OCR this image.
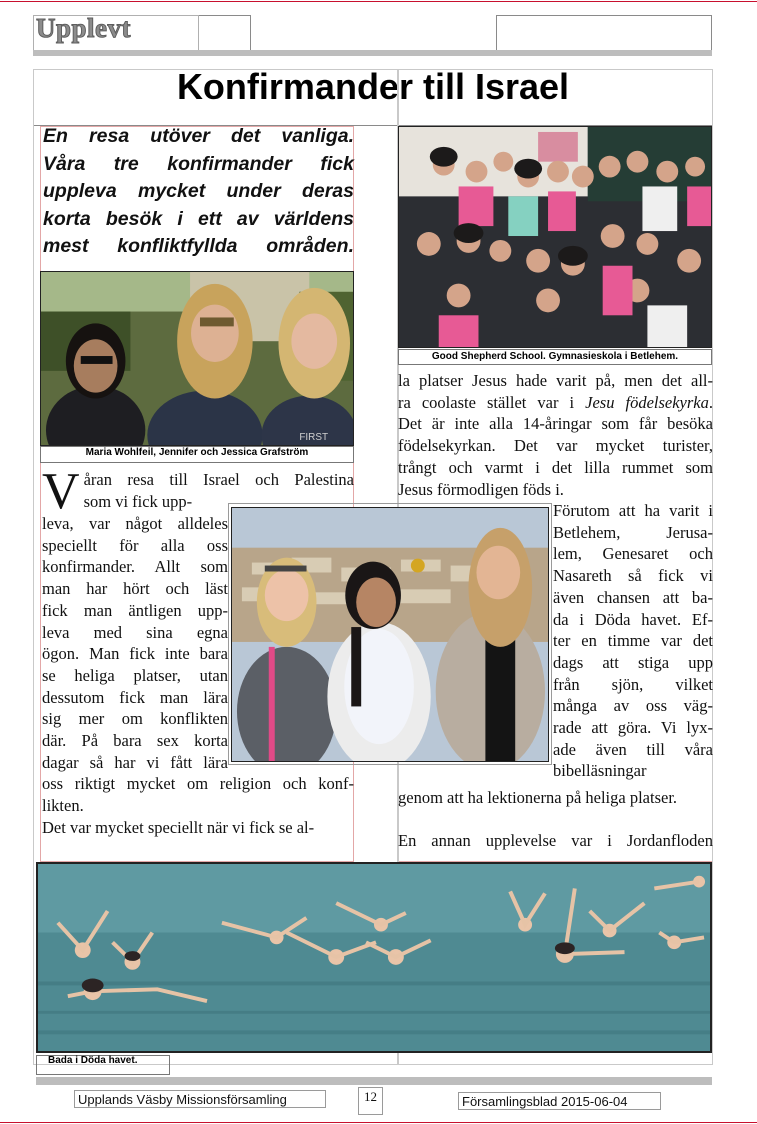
Upplevt
Konfirmander till Israel
En resa utöver det vanliga.
Våra tre konfirmander fick
uppleva mycket under deras
korta besök i ett av världens
mest konfliktfyllda områden.
FIRST
Maria Wohlfeil, Jennifer och Jessica Grafström
Good Shepherd School. Gymnasieskola i Betlehem.
V åran resa till Israel och Palestina
som vi fick upp-
leva, var något alldeles
speciellt för alla oss
konfirmander. Allt som
man har hört och läst
fick man äntligen upp-
leva med sina egna
ögon. Man fick inte bara
se heliga platser, utan
dessutom fick man lära
sig mer om konflikten
där. På bara sex korta
dagar så har vi fått lära
oss riktigt mycket om religion och konf-
likten.
Det var mycket speciellt när vi fick se al-
la platser Jesus hade varit på, men det all-
ra coolaste stället var i Jesu födelsekyrka.
Det är inte alla 14-åringar som får besöka
födelsekyrkan. Det var mycket turister,
trångt och varmt i det lilla rummet som
Jesus förmodligen föds i.
Förutom att ha varit i
Betlehem, Jerusa-
lem, Genesaret och
Nasareth så fick vi
även chansen att ba-
da i Döda havet. Ef-
ter en timme var det
dags att stiga upp
från sjön, vilket
många av oss väg-
rade att göra. Vi lyx-
ade även till våra
bibelläsningar
genom att ha lektionerna på heliga platser.
En annan upplevelse var i Jordanfloden
Bada i Döda havet.
Upplands Väsby Missionsförsamling	12	Församlingsblad 2015-06-04
